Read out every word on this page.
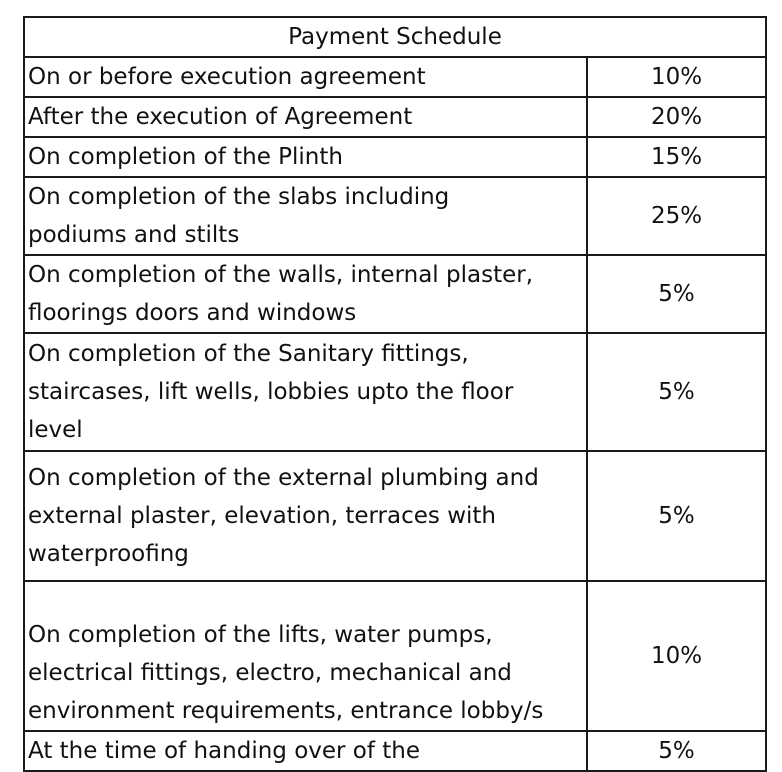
Payment Schedule	
On or before execution agreement	10%
After the execution of Agreement	20%
On completion of the Plinth	15%
On completion of the slabs including
podiums and stilts	25%
On completion of the walls, internal plaster,
floorings doors and windows	5%
On completion of the Sanitary fittings,
staircases, lift wells, lobbies upto the floor
level	5%
On completion of the external plumbing and
external plaster, elevation, terraces with
waterproofing	5%
On completion of the lifts, water pumps,
electrical fittings, electro, mechanical and
environment requirements, entrance lobby/s	10%
At the time of handing over of the	5%
